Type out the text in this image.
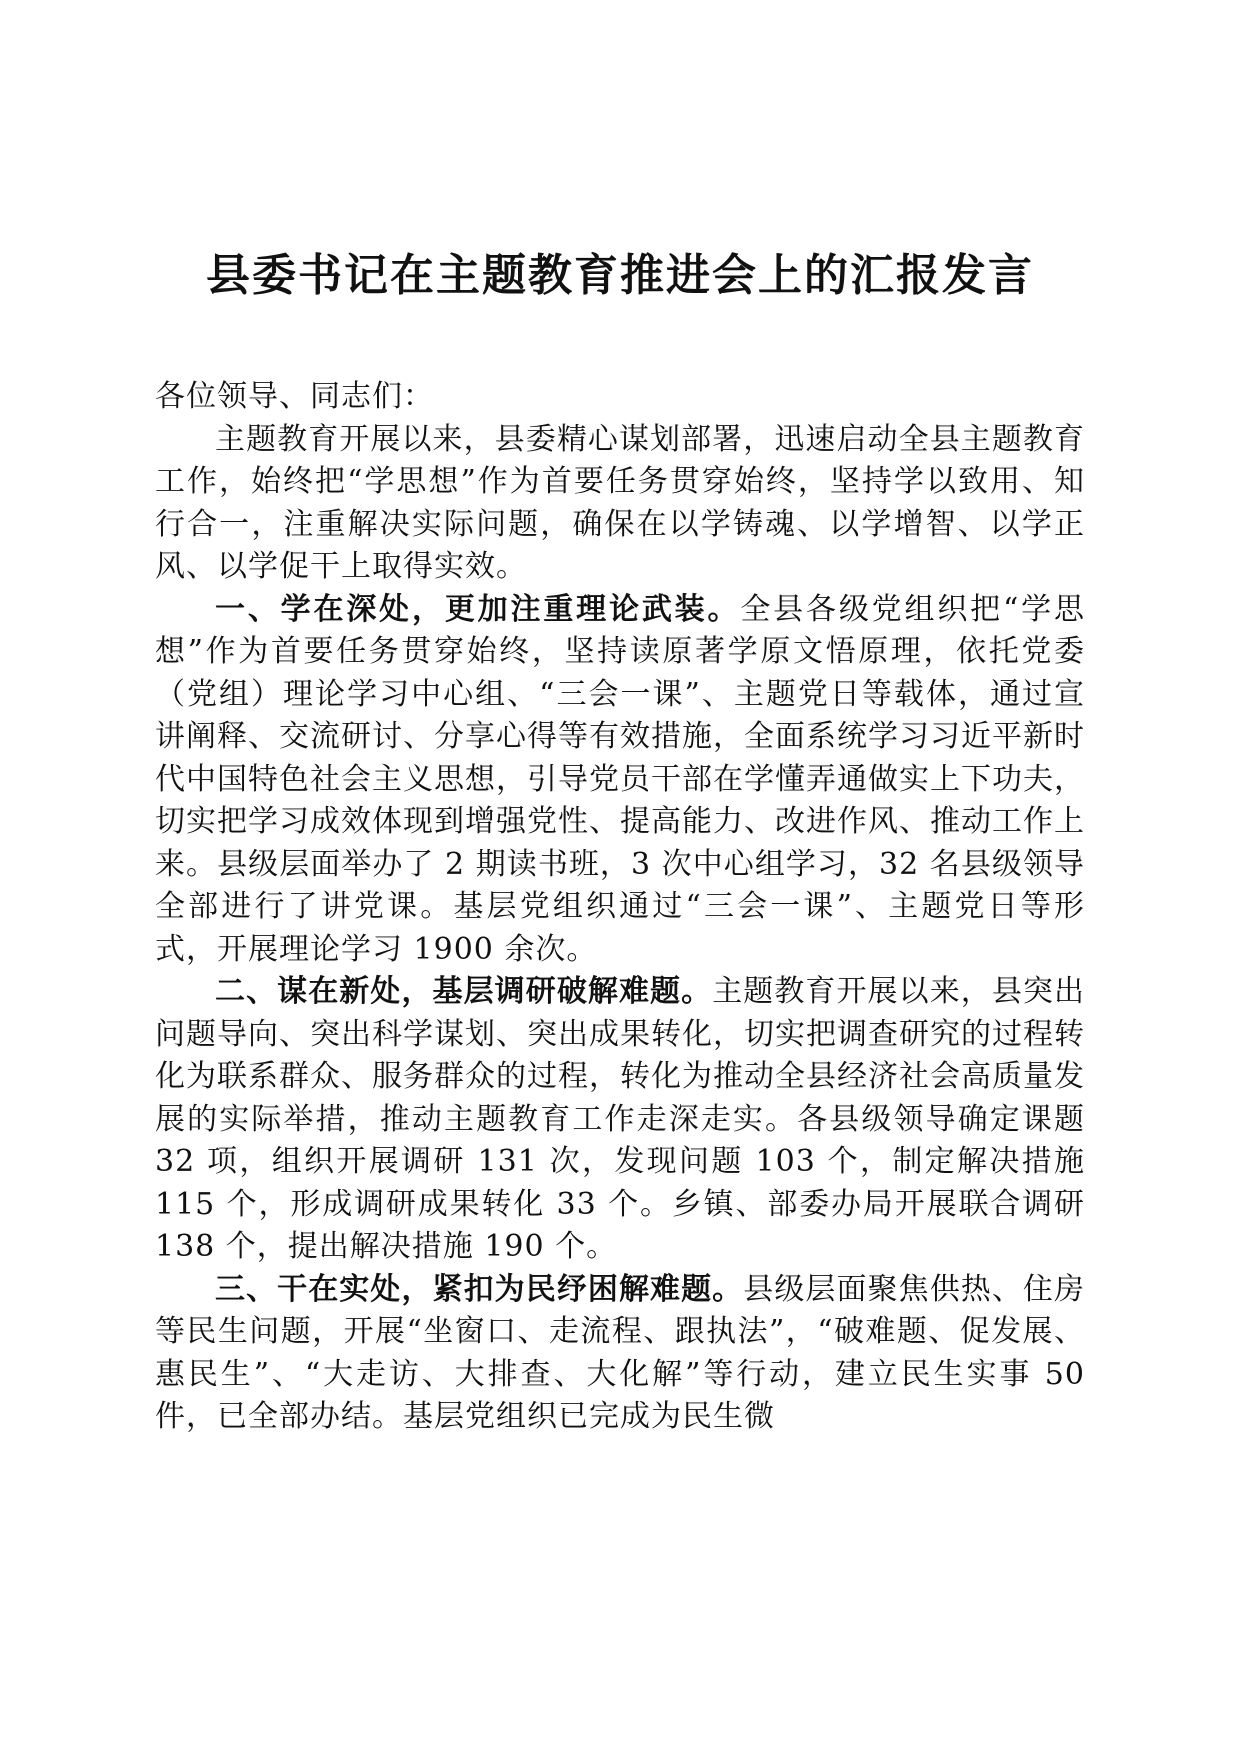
县委书记在主题教育推进会上的汇报发言

各位领导、同志们：

主题教育开展以来，县委精心谋划部署，迅速启动全县主题教育工作，始终把“学思想”作为首要任务贯穿始终，坚持学以致用、知行合一，注重解决实际问题，确保在以学铸魂、以学增智、以学正风、以学促干上取得实效。

一、学在深处，更加注重理论武装。全县各级党组织把“学思想”作为首要任务贯穿始终，坚持读原著学原文悟原理，依托党委（党组）理论学习中心组、“三会一课”、主题党日等载体，通过宣讲阐释、交流研讨、分享心得等有效措施，全面系统学习习近平新时代中国特色社会主义思想，引导党员干部在学懂弄通做实上下功夫，切实把学习成效体现到增强党性、提高能力、改进作风、推动工作上来。县级层面举办了 2 期读书班，3 次中心组学习，32 名县级领导全部进行了讲党课。基层党组织通过“三会一课”、主题党日等形式，开展理论学习 1900 余次。

二、谋在新处，基层调研破解难题。主题教育开展以来，县突出问题导向、突出科学谋划、突出成果转化，切实把调查研究的过程转化为联系群众、服务群众的过程，转化为推动全县经济社会高质量发展的实际举措，推动主题教育工作走深走实。各县级领导确定课题 32 项，组织开展调研 131 次，发现问题 103 个，制定解决措施 115 个，形成调研成果转化 33 个。乡镇、部委办局开展联合调研 138 个，提出解决措施 190 个。

三、干在实处，紧扣为民纾困解难题。县级层面聚焦供热、住房等民生问题，开展“坐窗口、走流程、跟执法”，“破难题、促发展、惠民生”、“大走访、大排查、大化解”等行动，建立民生实事 50 件，已全部办结。基层党组织已完成为民生微
